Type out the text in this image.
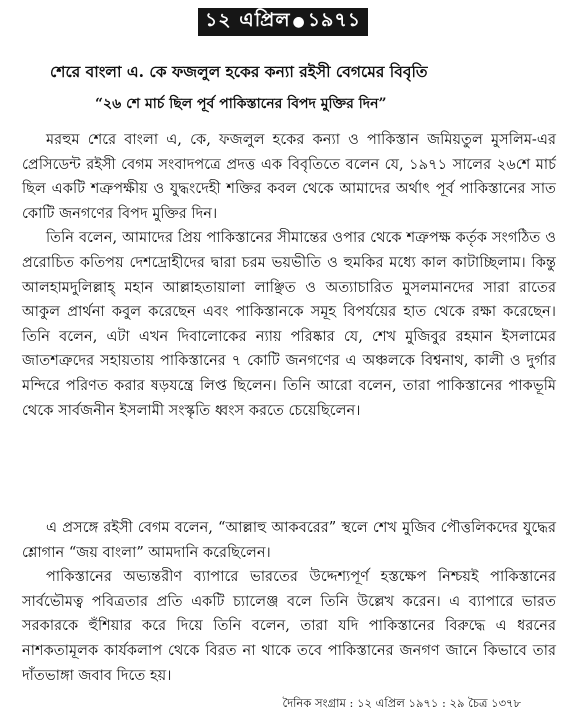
১২ এপ্রিল ● ১৯৭১
শেরে বাংলা এ. কে ফজলুল হকের কন্যা রইসী বেগমের বিবৃতি
“২৬ শে মার্চ ছিল পূর্ব পাকিস্তানের বিপদ মুক্তির দিন”

মরহুম শেরে বাংলা এ, কে, ফজলুল হকের কন্যা ও পাকিস্তান জমিয়তুল মুসলিম-এর প্রেসিডেন্ট রইসী বেগম সংবাদপত্রে প্রদত্ত এক বিবৃতিতে বলেন যে, ১৯৭১ সালের ২৬শে মার্চ ছিল একটি শত্রুপক্ষীয় ও যুদ্ধংদেহী শক্তির কবল থেকে আমাদের অর্থাৎ পূর্ব পাকিস্তানের সাত কোটি জনগণের বিপদ মুক্তির দিন।

তিনি বলেন, আমাদের প্রিয় পাকিস্তানের সীমান্তের ওপার থেকে শত্রুপক্ষ কর্তৃক সংগঠিত ও প্ররোচিত কতিপয় দেশদ্রোহীদের দ্বারা চরম ভয়ভীতি ও হুমকির মধ্যে কাল কাটাচ্ছিলাম। কিন্তু আলহামদুলিল্লাহ্ মহান আল্লাহতায়ালা লাঞ্ছিত ও অত্যাচারিত মুসলমানদের সারা রাতের আকুল প্রার্থনা কবুল করেছেন এবং পাকিস্তানকে সমূহ বিপর্যয়ের হাত থেকে রক্ষা করেছেন। তিনি বলেন, এটা এখন দিবালোকের ন্যায় পরিষ্কার যে, শেখ মুজিবুর রহমান ইসলামের জাতশত্রুদের সহায়তায় পাকিস্তানের ৭ কোটি জনগণের এ অঞ্চলকে বিশ্বনাথ, কালী ও দুর্গার মন্দিরে পরিণত করার ষড়যন্ত্রে লিপ্ত ছিলেন। তিনি আরো বলেন, তারা পাকিস্তানের পাকভূমি থেকে সার্বজনীন ইসলামী সংস্কৃতি ধ্বংস করতে চেয়েছিলেন।

এ প্রসঙ্গে রইসী বেগম বলেন, “আল্লাহু আকবরের” স্থলে শেখ মুজিব পৌত্তলিকদের যুদ্ধের শ্লোগান “জয় বাংলা” আমদানি করেছিলেন।

পাকিস্তানের অভ্যন্তরীণ ব্যাপারে ভারতের উদ্দেশ্যপূর্ণ হস্তক্ষেপ নিশ্চয়ই পাকিস্তানের সার্বভৌমত্ব পবিত্রতার প্রতি একটি চ্যালেঞ্জ বলে তিনি উল্লেখ করেন। এ ব্যাপারে ভারত সরকারকে হুঁশিয়ার করে দিয়ে তিনি বলেন, তারা যদি পাকিস্তানের বিরুদ্ধে এ ধরনের নাশকতামূলক কার্যকলাপ থেকে বিরত না থাকে তবে পাকিস্তানের জনগণ জানে কিভাবে তার দাঁতভাঙ্গা জবাব দিতে হয়।

দৈনিক সংগ্রাম : ১২ এপ্রিল ১৯৭১ : ২৯ চৈত্র ১৩৭৮
